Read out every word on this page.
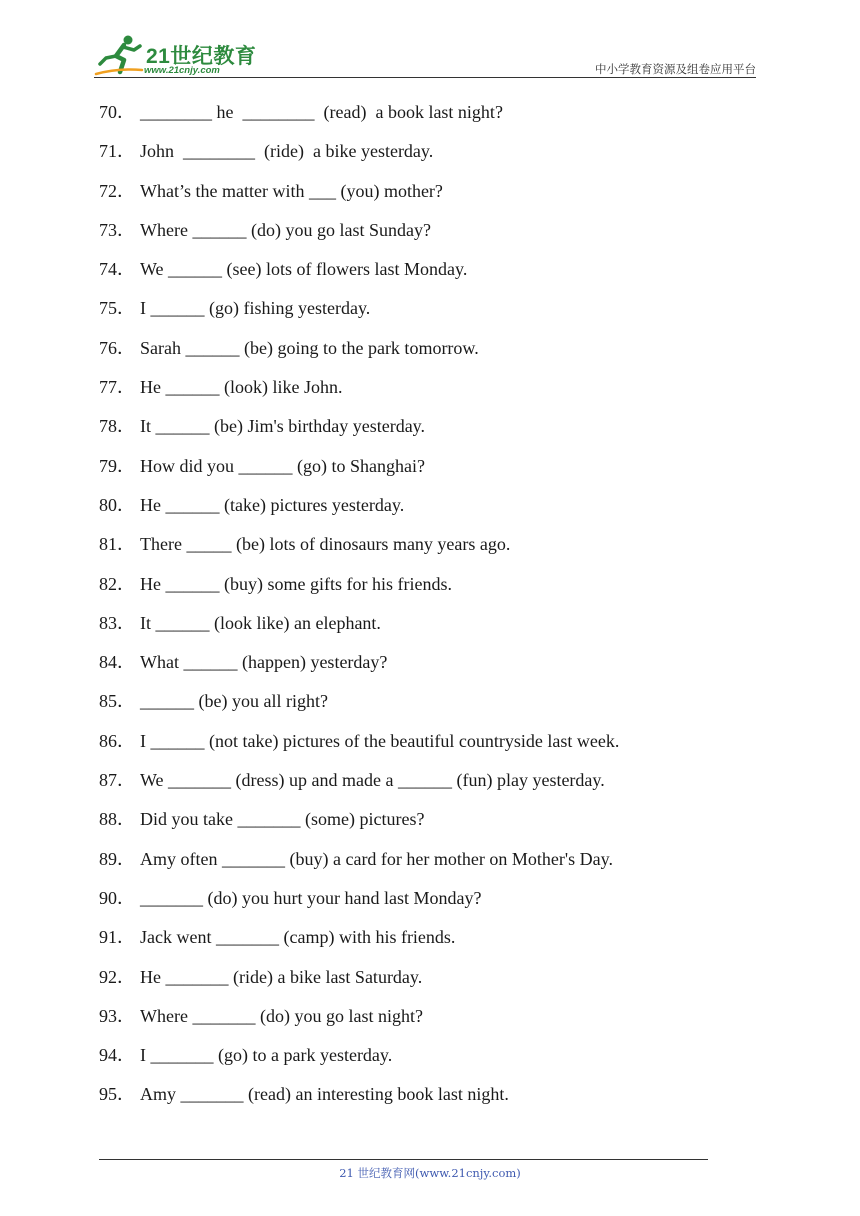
21世纪教育
www.21cnjy.com	中小学教育资源及组卷应用平台
70． ________ he  ________  (read)  a book last night?
71． John  ________  (ride)  a bike yesterday.
72． What’s the matter with ___ (you) mother?
73． Where ______ (do) you go last Sunday?
74． We ______ (see) lots of flowers last Monday.
75． I ______ (go) fishing yesterday.
76． Sarah ______ (be) going to the park tomorrow.
77． He ______ (look) like John.
78． It ______ (be) Jim's birthday yesterday.
79． How did you ______ (go) to Shanghai?
80． He ______ (take) pictures yesterday.
81． There _____ (be) lots of dinosaurs many years ago.
82． He ______ (buy) some gifts for his friends.
83． It ______ (look like) an elephant.
84． What ______ (happen) yesterday?
85． ______ (be) you all right?
86． I ______ (not take) pictures of the beautiful countryside last week.
87． We _______ (dress) up and made a ______ (fun) play yesterday.
88． Did you take _______ (some) pictures?
89． Amy often _______ (buy) a card for her mother on Mother's Day.
90． _______ (do) you hurt your hand last Monday?
91． Jack went _______ (camp) with his friends.
92． He _______ (ride) a bike last Saturday.
93． Where _______ (do) you go last night?
94． I _______ (go) to a park yesterday.
95． Amy _______ (read) an interesting book last night.
21 世纪教育网(www.21cnjy.com)
